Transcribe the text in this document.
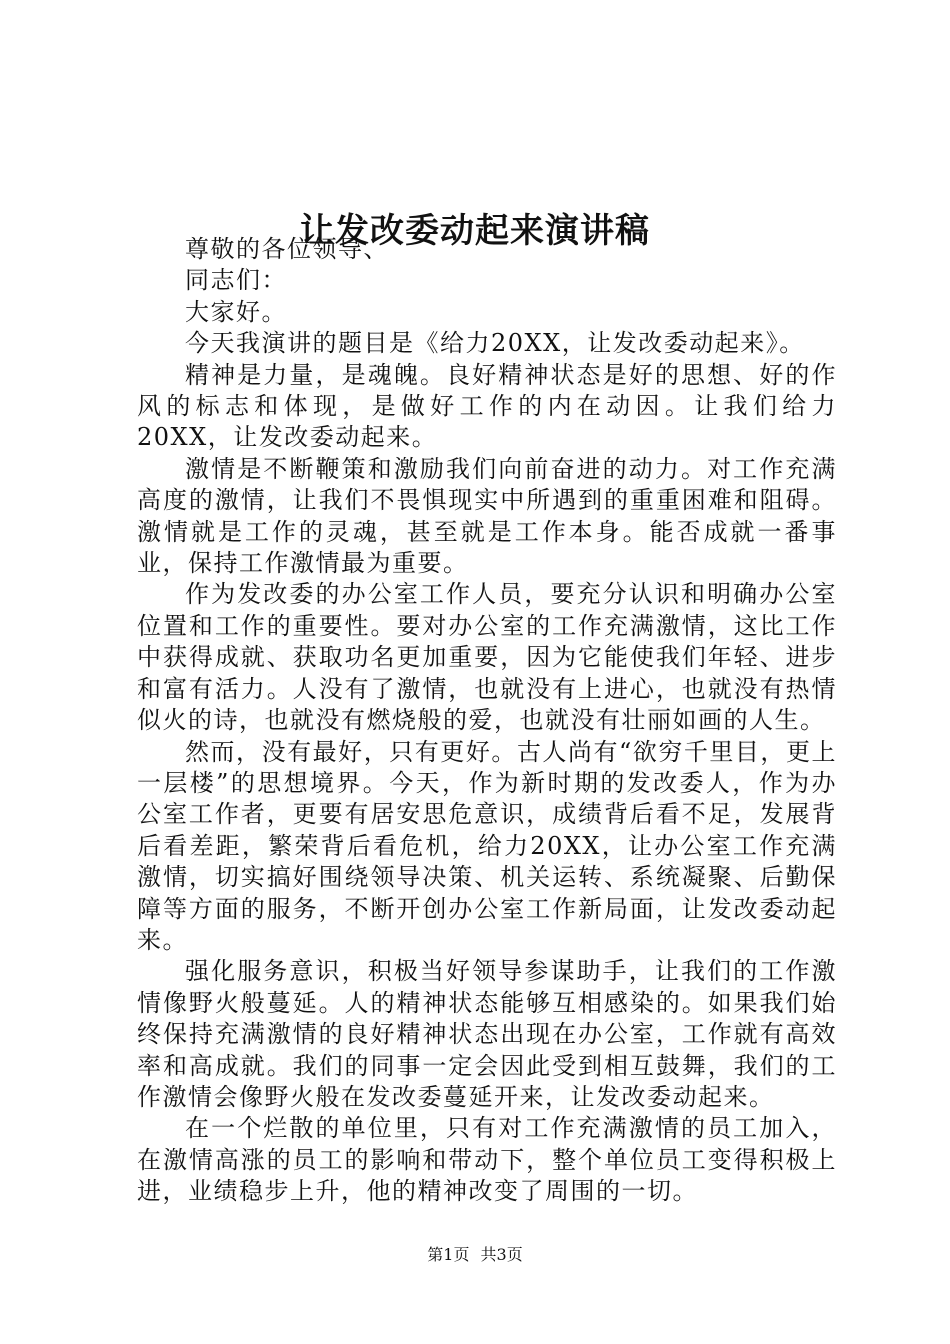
让发改委动起来演讲稿

尊敬的各位领导、

同志们：

大家好。

今天我演讲的题目是《给力20XX，让发改委动起来》。

精神是力量，是魂魄。良好精神状态是好的思想、好的作风的标志和体现，是做好工作的内在动因。让我们给力20XX，让发改委动起来。

激情是不断鞭策和激励我们向前奋进的动力。对工作充满高度的激情，让我们不畏惧现实中所遇到的重重困难和阻碍。激情就是工作的灵魂，甚至就是工作本身。能否成就一番事业，保持工作激情最为重要。

作为发改委的办公室工作人员，要充分认识和明确办公室位置和工作的重要性。要对办公室的工作充满激情，这比工作中获得成就、获取功名更加重要，因为它能使我们年轻、进步和富有活力。人没有了激情，也就没有上进心，也就没有热情似火的诗，也就没有燃烧般的爱，也就没有壮丽如画的人生。

然而，没有最好，只有更好。古人尚有“欲穷千里目，更上一层楼”的思想境界。今天，作为新时期的发改委人，作为办公室工作者，更要有居安思危意识，成绩背后看不足，发展背后看差距，繁荣背后看危机，给力20XX，让办公室工作充满激情，切实搞好围绕领导决策、机关运转、系统凝聚、后勤保障等方面的服务，不断开创办公室工作新局面，让发改委动起来。

强化服务意识，积极当好领导参谋助手，让我们的工作激情像野火般蔓延。人的精神状态能够互相感染的。如果我们始终保持充满激情的良好精神状态出现在办公室，工作就有高效率和高成就。我们的同事一定会因此受到相互鼓舞，我们的工作激情会像野火般在发改委蔓延开来，让发改委动起来。

在一个烂散的单位里，只有对工作充满激情的员工加入，在激情高涨的员工的影响和带动下，整个单位员工变得积极上进，业绩稳步上升，他的精神改变了周围的一切。

第1页 共3页
